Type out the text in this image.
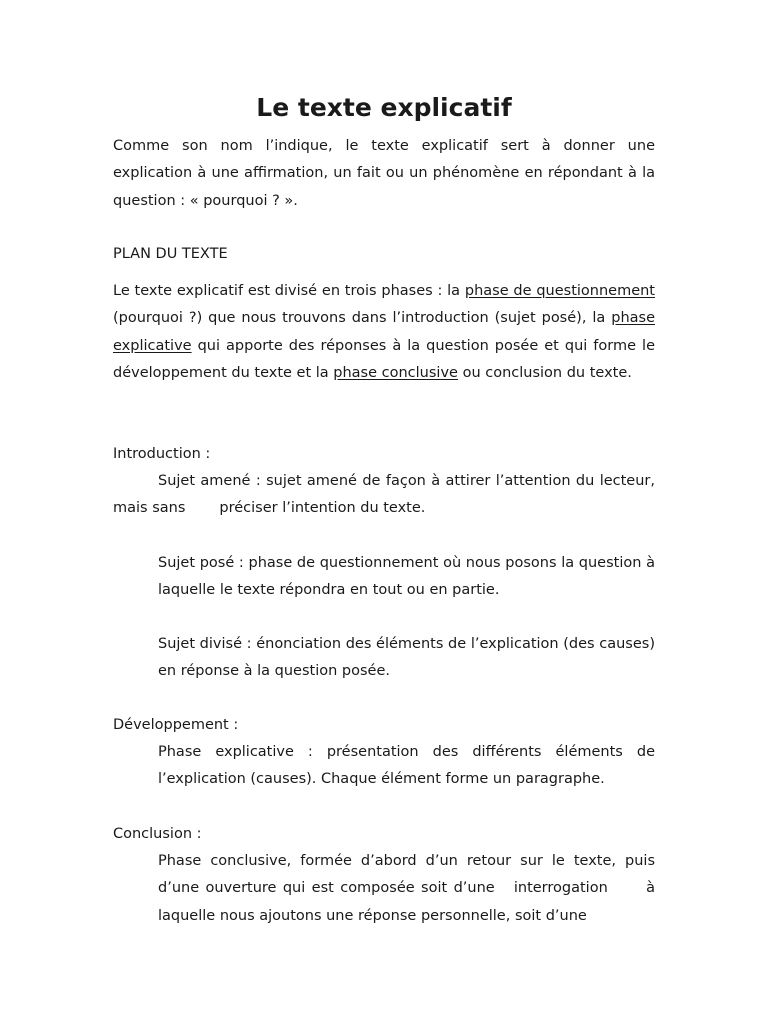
Le texte explicatif

Comme son nom l’indique, le texte explicatif sert à donner une explication à une affirmation, un fait ou un phénomène en répondant à la question : « pourquoi ? ».

PLAN DU TEXTE

Le texte explicatif est divisé en trois phases : la phase de questionnement (pourquoi ?) que nous trouvons dans l’introduction (sujet posé), la phase explicative qui apporte des réponses à la question posée et qui forme le développement du texte et la phase conclusive ou conclusion du texte.

Introduction :

Sujet amené : sujet amené de façon à attirer l’attention du lecteur, mais sans préciser l’intention du texte.

Sujet posé : phase de questionnement où nous posons la question à laquelle le texte répondra en tout ou en partie.

Sujet divisé : énonciation des éléments de l’explication (des causes) en réponse à la question posée.

Développement :

Phase explicative : présentation des différents éléments de l’explication (causes). Chaque élément forme un paragraphe.

Conclusion :

Phase conclusive, formée d’abord d’un retour sur le texte, puis d’une ouverture qui est composée soit d’une   interrogation      à laquelle nous ajoutons une réponse personnelle, soit d’une
